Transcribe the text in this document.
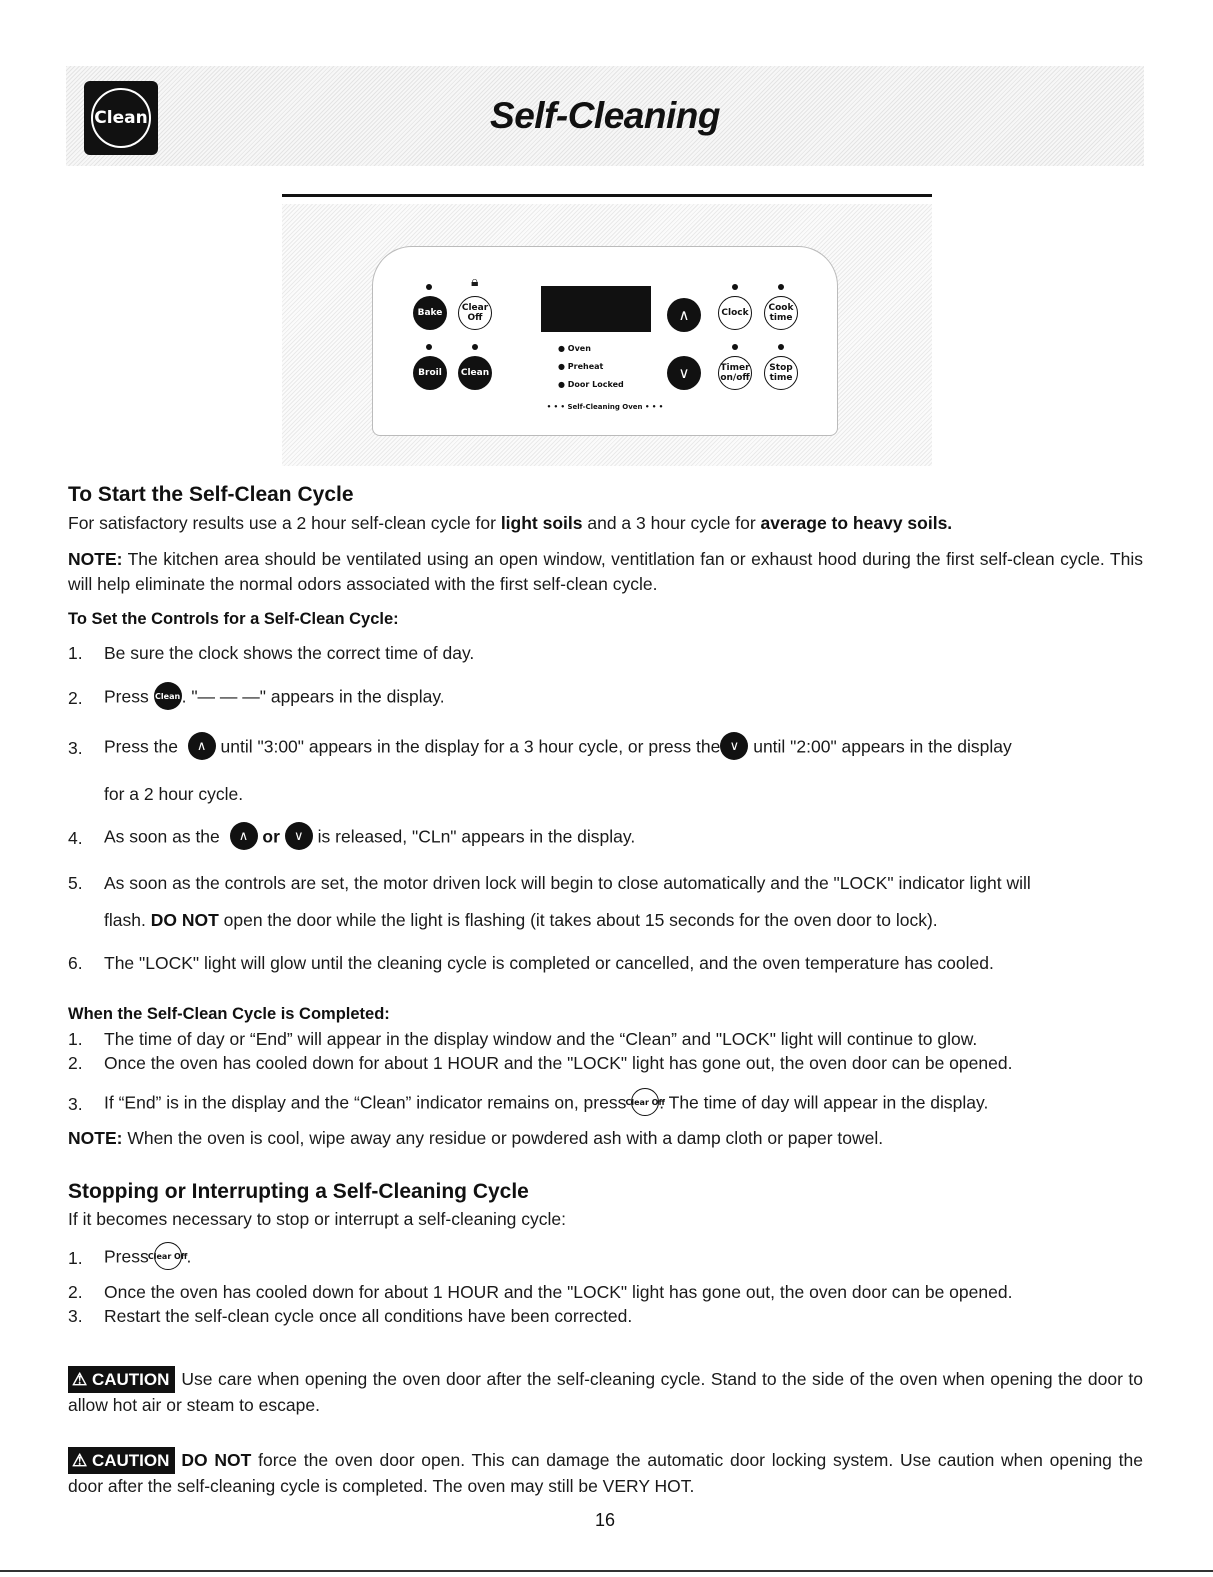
Clean	Self-Cleaning
🔒︎
Bake	Clear Off
Broil	Clean
● Oven
● Preheat
● Door Locked
• • • Self-Cleaning Oven • • •
∧
∨
Clock	Cook time
Timer on/off
Stop time
To Start the Self-Clean Cycle
For satisfactory results use a 2 hour self-clean cycle for light soils and a 3 hour cycle for average to heavy soils.
NOTE: The kitchen area should be ventilated using an open window, ventitlation fan or exhaust hood during the first self-clean cycle. This will help eliminate the normal odors associated with the first self-clean cycle.
To Set the Controls for a Self-Clean Cycle:
1. Be sure the clock shows the correct time of day.
2. Press Clean. "— — —" appears in the display.
3. Press the ∧ until "3:00" appears in the display for a 3 hour cycle, or press the ∨ until "2:00" appears in the display
for a 2 hour cycle.
4. As soon as the ∧ or ∨ is released, "CLn" appears in the display.
5. As soon as the controls are set, the motor driven lock will begin to close automatically and the "LOCK" indicator light will
flash. DO NOT open the door while the light is flashing (it takes about 15 seconds for the oven door to lock).
6. The "LOCK" light will glow until the cleaning cycle is completed or cancelled, and the oven temperature has cooled.
When the Self-Clean Cycle is Completed:
1. The time of day or “End” will appear in the display window and the “Clean” and "LOCK" light will continue to glow.
2. Once the oven has cooled down for about 1 HOUR and the "LOCK" light has gone out, the oven door can be opened.
3. If “End” is in the display and the “Clean” indicator remains on, press Clear Off. The time of day will appear in the display.
NOTE: When the oven is cool, wipe away any residue or powdered ash with a damp cloth or paper towel.
Stopping or Interrupting a Self-Cleaning Cycle
If it becomes necessary to stop or interrupt a self-cleaning cycle:
1. Press Clear Off .
2. Once the oven has cooled down for about 1 HOUR and the "LOCK" light has gone out, the oven door can be opened.
3. Restart the self-clean cycle once all conditions have been corrected.
⚠ CAUTION Use care when opening the oven door after the self-cleaning cycle. Stand to the side of the oven when opening the door to allow hot air or steam to escape.
⚠ CAUTION DO NOT force the oven door open. This can damage the automatic door locking system. Use caution when opening the door after the self-cleaning cycle is completed. The oven may still be VERY HOT.
16
